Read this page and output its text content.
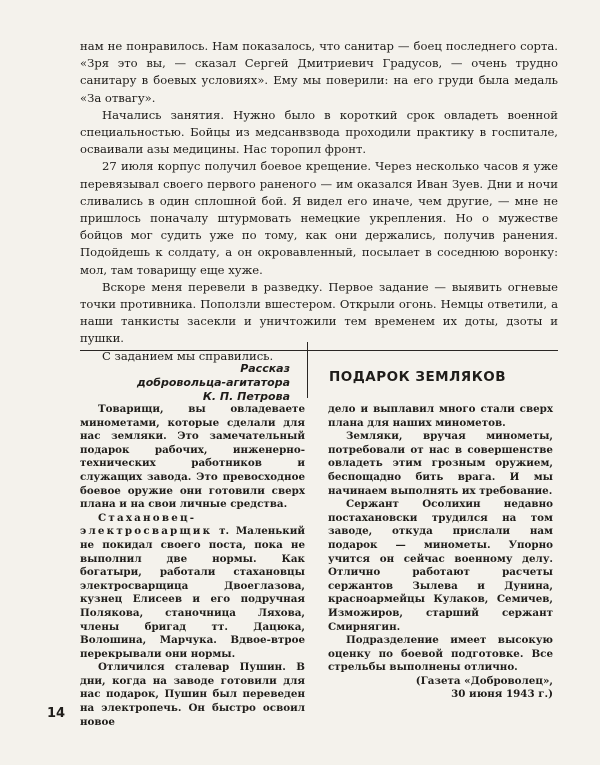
нам не понравилось. Нам показалось, что санитар — боец последнего сорта. «Зря это вы, — сказал Сергей Дмитриевич Градусов, — очень трудно санитару в боевых условиях». Ему мы поверили: на его груди была медаль «За отвагу».

Начались занятия. Нужно было в короткий срок овладеть военной специальностью. Бойцы из медсанвзвода проходили практику в госпитале, осваивали азы медицины. Нас торопил фронт.

27 июля корпус получил боевое крещение. Через несколько часов я уже перевязывал своего первого раненого — им оказался Иван Зуев. Дни и ночи сливались в один сплошной бой. Я видел его иначе, чем другие, — мне не пришлось поначалу штурмовать немецкие укрепления. Но о мужестве бойцов мог судить уже по тому, как они держались, получив ранения. Подойдешь к солдату, а он окровавленный, посылает в соседнюю воронку: мол, там товарищу еще хуже.

Вскоре меня перевели в разведку. Первое задание — выявить огневые точки противника. Поползли вшестером. Открыли огонь. Немцы ответили, а наши танкисты засекли и уничтожили тем временем их доты, дзоты и пушки.

С заданием мы справились.

Рассказ
добровольца-агитатора
К. П. Петрова
ПОДАРОК ЗЕМЛЯКОВ

Товарищи, вы овладеваете минометами, которые сделали для нас земляки. Это замечательный подарок рабочих, инженерно-технических работников и служащих завода. Это превосходное боевое оружие они готовили сверх плана и на свои личные средства.

Стахановец-электросварщик т. Маленький не покидал своего поста, пока не выполнил две нормы. Как богатыри, работали стахановцы электросварщица Двоеглазова, кузнец Елисеев и его подручная Полякова, станочница Ляхова, члены бригад тт. Дацюка, Волошина, Марчука. Вдвое-втрое перекрывали они нормы.

Отличился сталевар Пушин. В дни, когда на заводе готовили для нас подарок, Пушин был переведен на электропечь. Он быстро освоил новое

дело и выплавил много стали сверх плана для наших минометов.

Земляки, вручая минометы, потребовали от нас в совершенстве овладеть этим грозным оружием, беспощадно бить врага. И мы начинаем выполнять их требование.

Сержант Осолихин недавно постахановски трудился на том заводе, откуда прислали нам подарок — минометы. Упорно учится он сейчас военному делу. Отлично работают расчеты сержантов Зылева и Дунина, красноармейцы Кулаков, Семичев, Изможиров, старший сержант Смирнягин.

Подразделение имеет высокую оценку по боевой подготовке. Все стрельбы выполнены отлично.

(Газета «Доброволец»,

30 июня 1943 г.)

14
